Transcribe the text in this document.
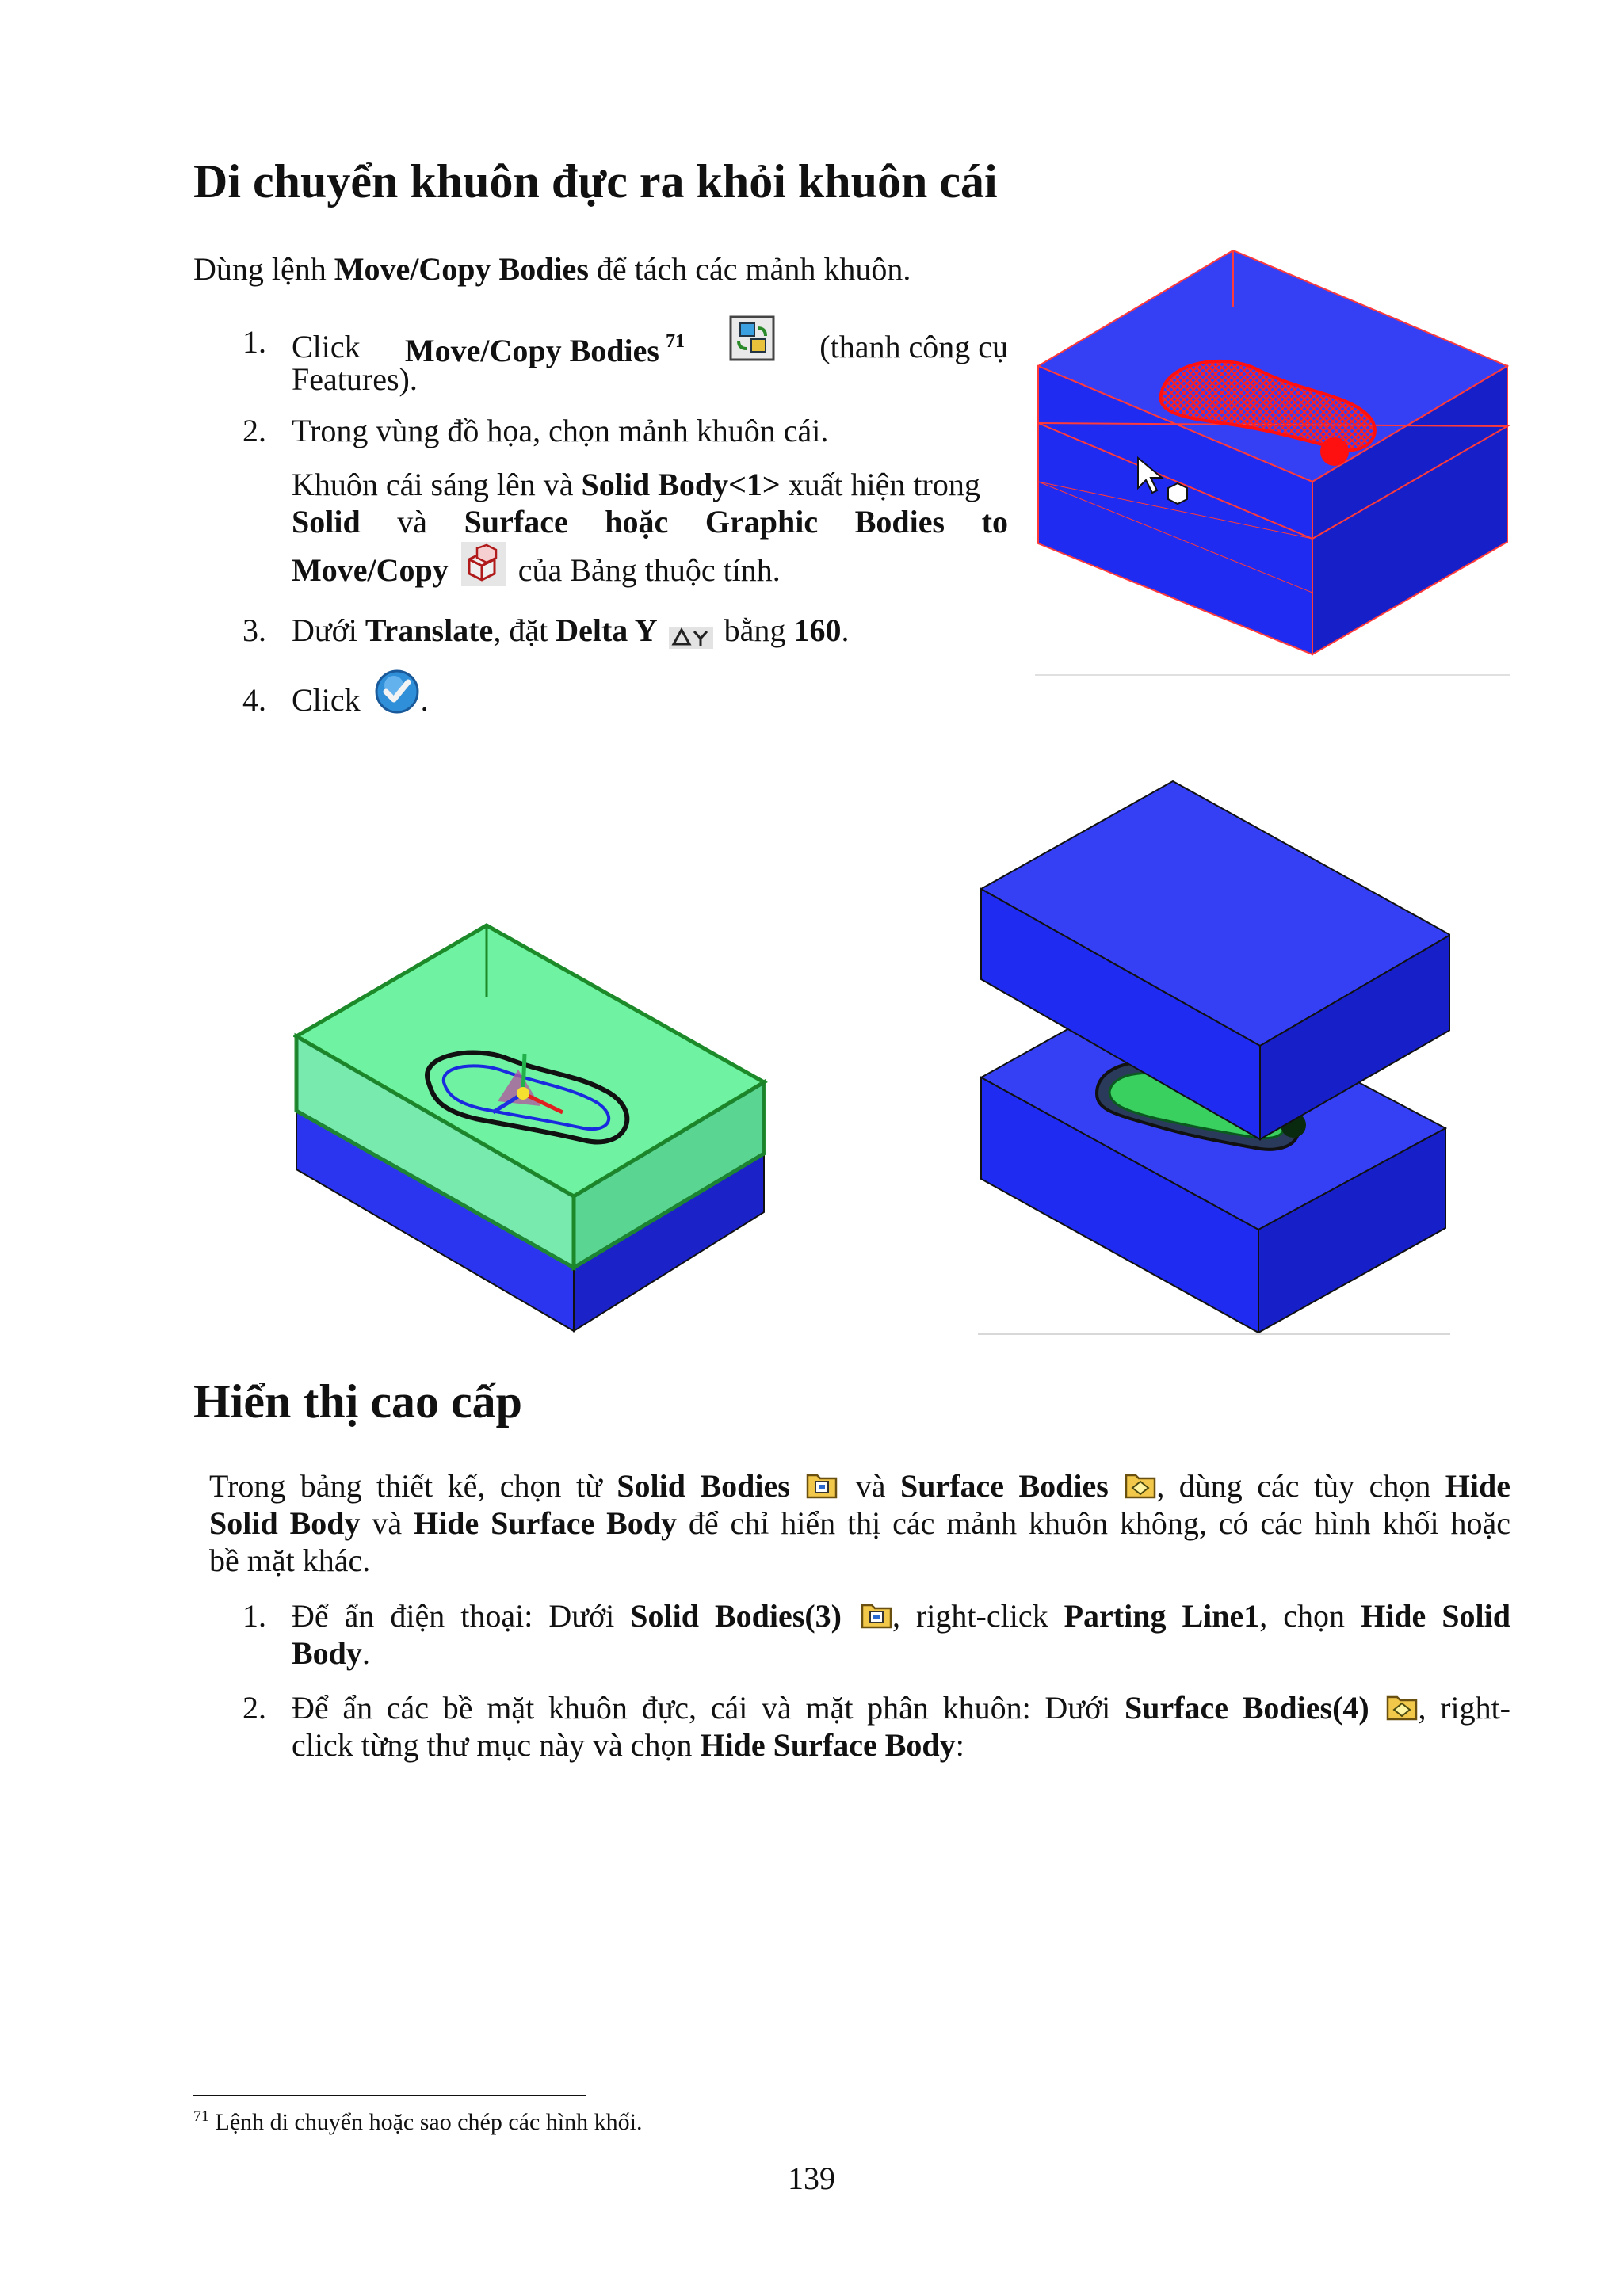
Di chuyển khuôn đực ra khỏi khuôn cái
Dùng lệnh Move/Copy Bodies để tách các mảnh khuôn.
1. Click Move/Copy Bodies $^{71}$	(thanh công cụ
Features).
2. Trong vùng đồ họa, chọn mảnh khuôn cái.
Khuôn cái sáng lên và Solid Body<1> xuất hiện trong
Solid và Surface hoặc Graphic Bodies to
Move/Copy  của Bảng thuộc tính.
3. Dưới Translate, đặt Delta Y  bằng 160.
4. Click .
Hiển thị cao cấp
Trong bảng thiết kế, chọn từ Solid Bodies  và Surface Bodies , dùng các tùy chọn Hide
Solid Body và Hide Surface Body để chỉ hiển thị các mảnh khuôn không, có các hình khối hoặc
bề mặt khác.
1. Để ẩn điện thoại: Dưới Solid Bodies(3) , right-click Parting Line1, chọn Hide Solid
Body.
2. Để ẩn các bề mặt khuôn đực, cái và mặt phân khuôn: Dưới Surface Bodies(4) , right-
click từng thư mục này và chọn Hide Surface Body:
$^{71}$ Lệnh di chuyển hoặc sao chép các hình khối.
139
